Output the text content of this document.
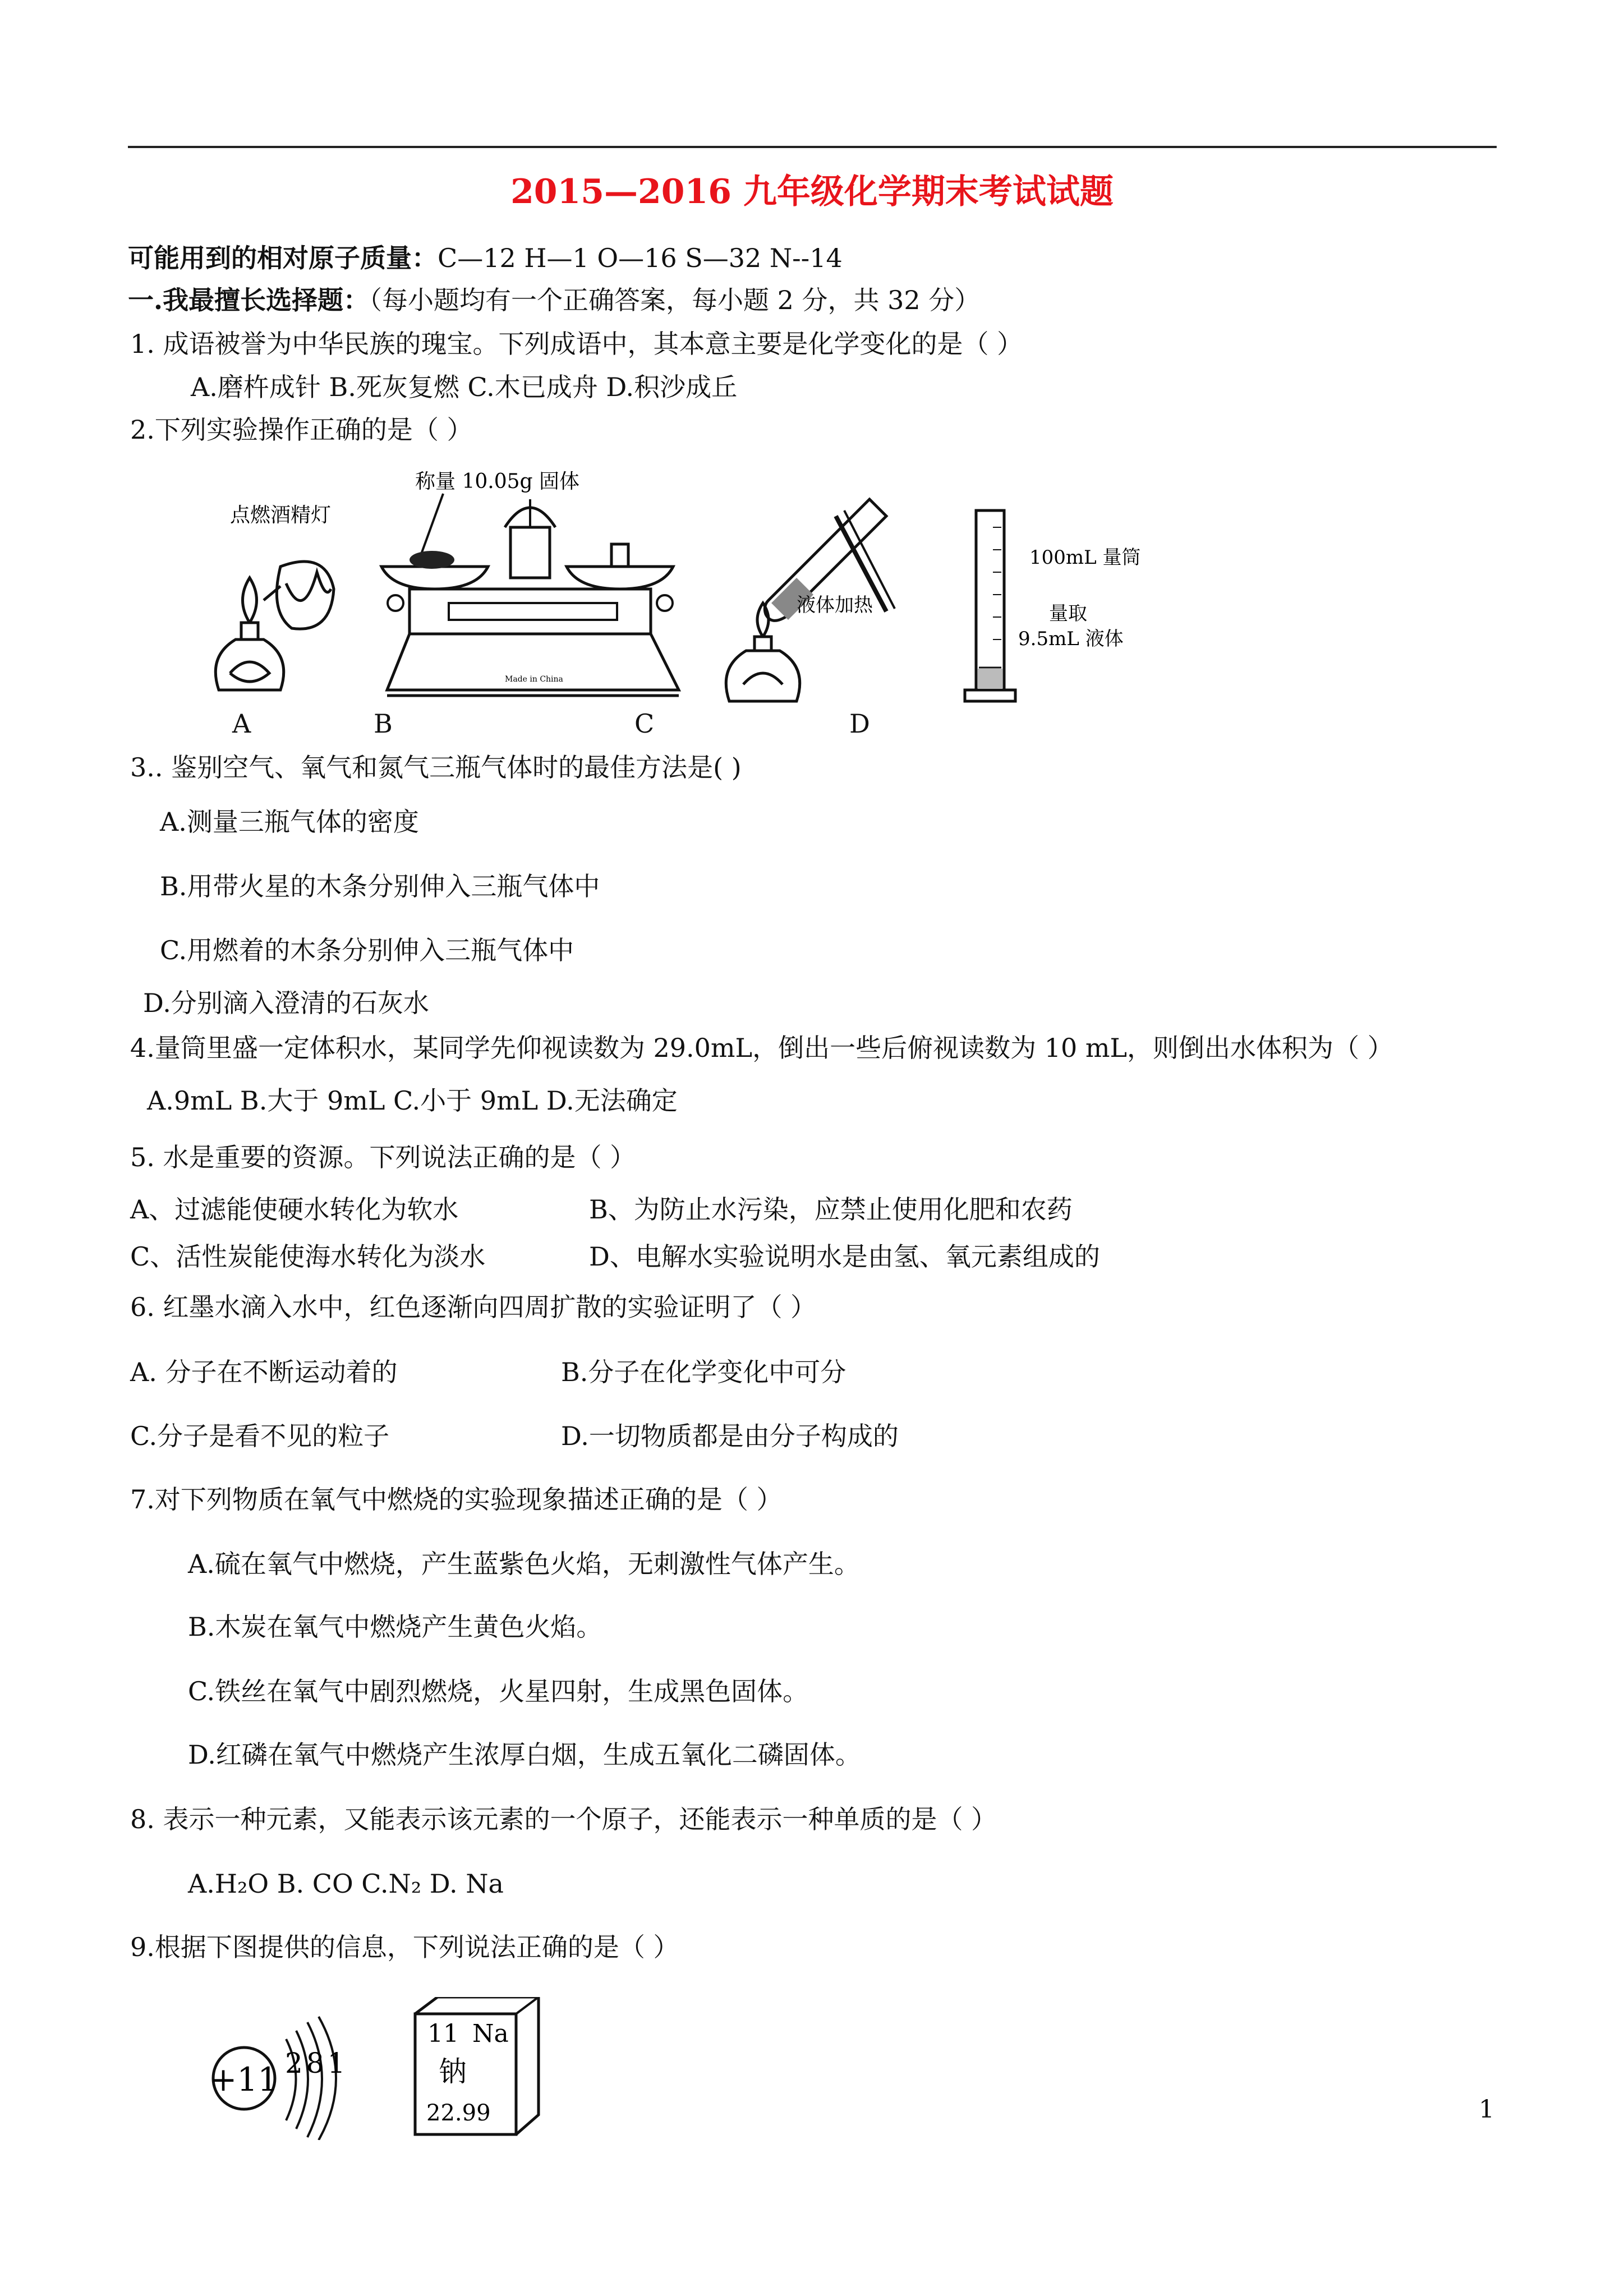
2015—2016 九年级化学期末考试试题
可能用到的相对原子质量：C—12 H—1 O—16 S—32 N--14
一.我最擅长选择题：（每小题均有一个正确答案，每小题 2 分，共 32 分）
1. 成语被誉为中华民族的瑰宝。下列成语中，其本意主要是化学变化的是（ ）
A.磨杵成针 B.死灰复燃 C.木已成舟 D.积沙成丘
2.下列实验操作正确的是（ ）
点燃酒精灯
称量 10.05g 固体
Made in China
液体加热
100mL 量筒
量取
9.5mL 液体
A	B	C	D
3.. 鉴别空气、氧气和氮气三瓶气体时的最佳方法是( )
A.测量三瓶气体的密度
B.用带火星的木条分别伸入三瓶气体中
C.用燃着的木条分别伸入三瓶气体中
D.分别滴入澄清的石灰水
4.量筒里盛一定体积水，某同学先仰视读数为 29.0mL，倒出一些后俯视读数为 10 mL，则倒出水体积为（ ）
A.9mL B.大于 9mL C.小于 9mL D.无法确定
5. 水是重要的资源。下列说法正确的是（ ）
A、过滤能使硬水转化为软水	B、为防止水污染，应禁止使用化肥和农药
C、活性炭能使海水转化为淡水	D、电解水实验说明水是由氢、氧元素组成的
6. 红墨水滴入水中，红色逐渐向四周扩散的实验证明了（ ）
A. 分子在不断运动着的	B.分子在化学变化中可分
C.分子是看不见的粒子	D.一切物质都是由分子构成的
7.对下列物质在氧气中燃烧的实验现象描述正确的是（ ）
A.硫在氧气中燃烧，产生蓝紫色火焰，无刺激性气体产生。
B.木炭在氧气中燃烧产生黄色火焰。
C.铁丝在氧气中剧烈燃烧，火星四射，生成黑色固体。
D.红磷在氧气中燃烧产生浓厚白烟，生成五氧化二磷固体。
8. 表示一种元素，又能表示该元素的一个原子，还能表示一种单质的是（ ）
A.H₂O B. CO C.N₂ D. Na
9.根据下图提供的信息，下列说法正确的是（ ）
+11 281
11 Na
钠
22.99	1
